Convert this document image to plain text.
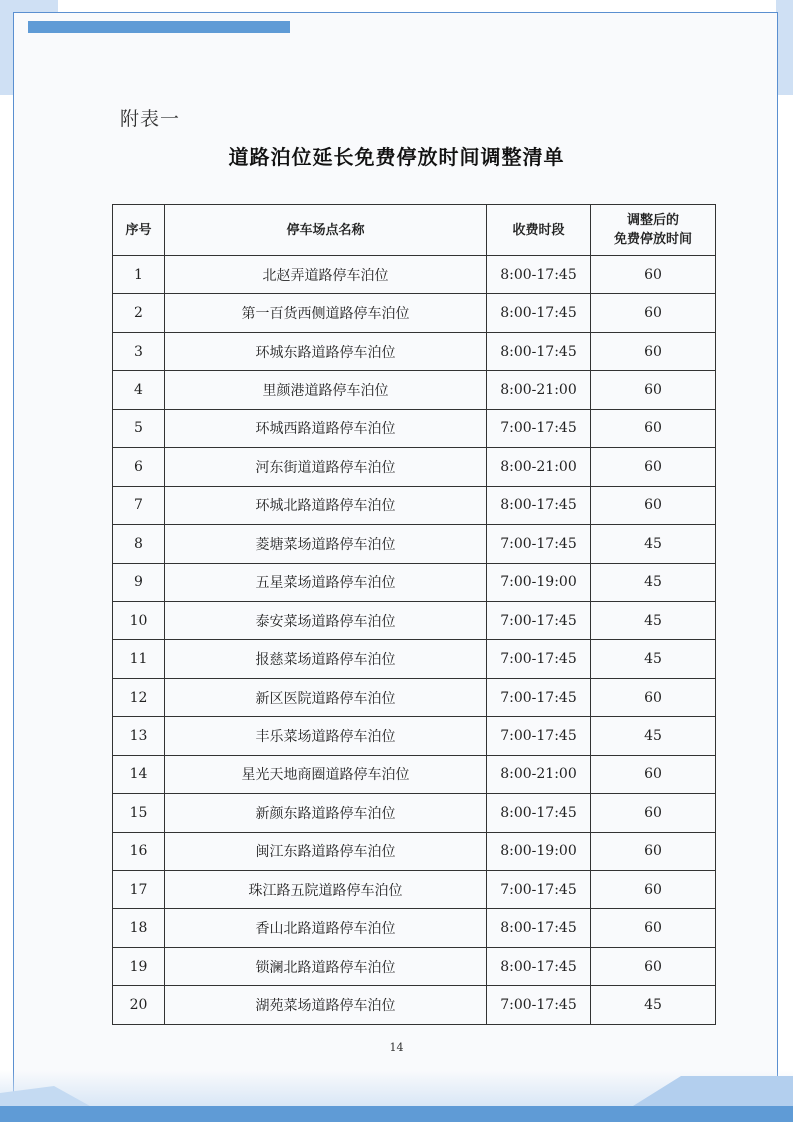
附表一
道路泊位延长免费停放时间调整清单
序号	停车场点名称	收费时段	调整后的
免费停放时间
1	北赵弄道路停车泊位	8:00-17:45	60
2	第一百货西侧道路停车泊位	8:00-17:45	60
3	环城东路道路停车泊位	8:00-17:45	60
4	里颜港道路停车泊位	8:00-21:00	60
5	环城西路道路停车泊位	7:00-17:45	60
6	河东街道道路停车泊位	8:00-21:00	60
7	环城北路道路停车泊位	8:00-17:45	60
8	菱塘菜场道路停车泊位	7:00-17:45	45
9	五星菜场道路停车泊位	7:00-19:00	45
10	泰安菜场道路停车泊位	7:00-17:45	45
11	报慈菜场道路停车泊位	7:00-17:45	45
12	新区医院道路停车泊位	7:00-17:45	60
13	丰乐菜场道路停车泊位	7:00-17:45	45
14	星光天地商圈道路停车泊位	8:00-21:00	60
15	新颜东路道路停车泊位	8:00-17:45	60
16	闽江东路道路停车泊位	8:00-19:00	60
17	珠江路五院道路停车泊位	7:00-17:45	60
18	香山北路道路停车泊位	8:00-17:45	60
19	锁澜北路道路停车泊位	8:00-17:45	60
20	湖苑菜场道路停车泊位	7:00-17:45	45
14
